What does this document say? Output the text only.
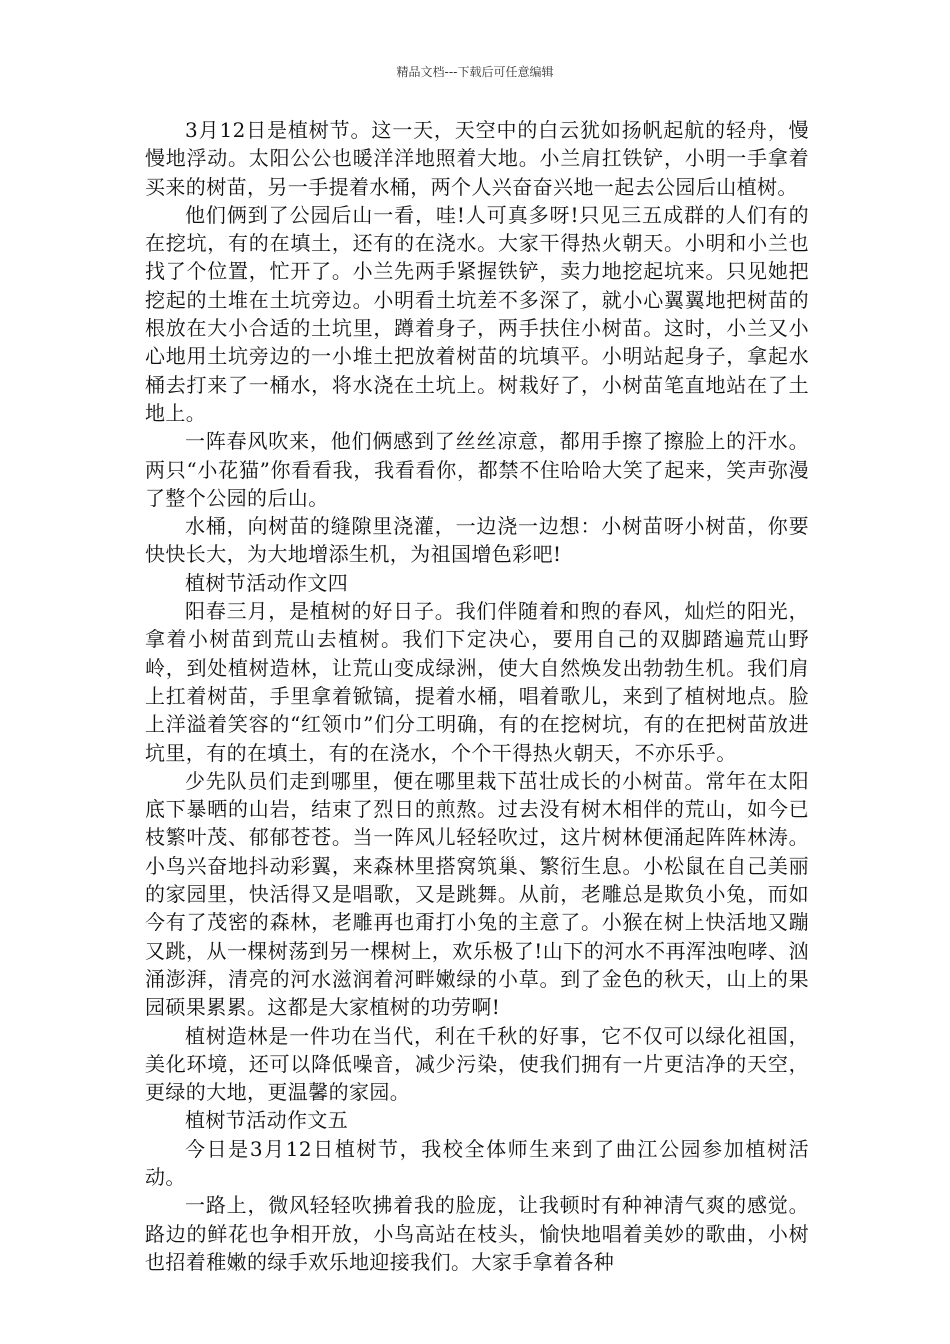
精品文档---下载后可任意编辑

3月12日是植树节。这一天，天空中的白云犹如扬帆起航的轻舟，慢慢地浮动。太阳公公也暖洋洋地照着大地。小兰肩扛铁铲，小明一手拿着买来的树苗，另一手提着水桶，两个人兴奋奋兴地一起去公园后山植树。

他们俩到了公园后山一看，哇!人可真多呀!只见三五成群的人们有的在挖坑，有的在填土，还有的在浇水。大家干得热火朝天。小明和小兰也找了个位置，忙开了。小兰先两手紧握铁铲，卖力地挖起坑来。只见她把挖起的土堆在土坑旁边。小明看土坑差不多深了，就小心翼翼地把树苗的根放在大小合适的土坑里，蹲着身子，两手扶住小树苗。这时，小兰又小心地用土坑旁边的一小堆土把放着树苗的坑填平。小明站起身子，拿起水桶去打来了一桶水，将水浇在土坑上。树栽好了，小树苗笔直地站在了土地上。

一阵春风吹来，他们俩感到了丝丝凉意，都用手擦了擦脸上的汗水。两只“小花猫”你看看我，我看看你，都禁不住哈哈大笑了起来，笑声弥漫了整个公园的后山。

水桶，向树苗的缝隙里浇灌，一边浇一边想：小树苗呀小树苗，你要快快长大，为大地增添生机，为祖国增色彩吧!

植树节活动作文四

阳春三月，是植树的好日子。我们伴随着和煦的春风，灿烂的阳光，拿着小树苗到荒山去植树。我们下定决心，要用自己的双脚踏遍荒山野岭，到处植树造林，让荒山变成绿洲，使大自然焕发出勃勃生机。我们肩上扛着树苗，手里拿着锨镐，提着水桶，唱着歌儿，来到了植树地点。脸上洋溢着笑容的“红领巾”们分工明确，有的在挖树坑，有的在把树苗放进坑里，有的在填土，有的在浇水，个个干得热火朝天，不亦乐乎。

少先队员们走到哪里，便在哪里栽下茁壮成长的小树苗。常年在太阳底下暴晒的山岩，结束了烈日的煎熬。过去没有树木相伴的荒山，如今已枝繁叶茂、郁郁苍苍。当一阵风儿轻轻吹过，这片树林便涌起阵阵林涛。小鸟兴奋地抖动彩翼，来森林里搭窝筑巢、繁衍生息。小松鼠在自己美丽的家园里，快活得又是唱歌，又是跳舞。从前，老雕总是欺负小兔，而如今有了茂密的森林，老雕再也甭打小兔的主意了。小猴在树上快活地又蹦又跳，从一棵树荡到另一棵树上，欢乐极了!山下的河水不再浑浊咆哮、汹涌澎湃，清亮的河水滋润着河畔嫩绿的小草。到了金色的秋天，山上的果园硕果累累。这都是大家植树的功劳啊!

植树造林是一件功在当代，利在千秋的好事，它不仅可以绿化祖国，美化环境，还可以降低噪音，减少污染，使我们拥有一片更洁净的天空，更绿的大地，更温馨的家园。

植树节活动作文五

今日是3月12日植树节，我校全体师生来到了曲江公园参加植树活动。

一路上，微风轻轻吹拂着我的脸庞，让我顿时有种神清气爽的感觉。路边的鲜花也争相开放，小鸟高站在枝头，愉快地唱着美妙的歌曲，小树也招着稚嫩的绿手欢乐地迎接我们。大家手拿着各种
